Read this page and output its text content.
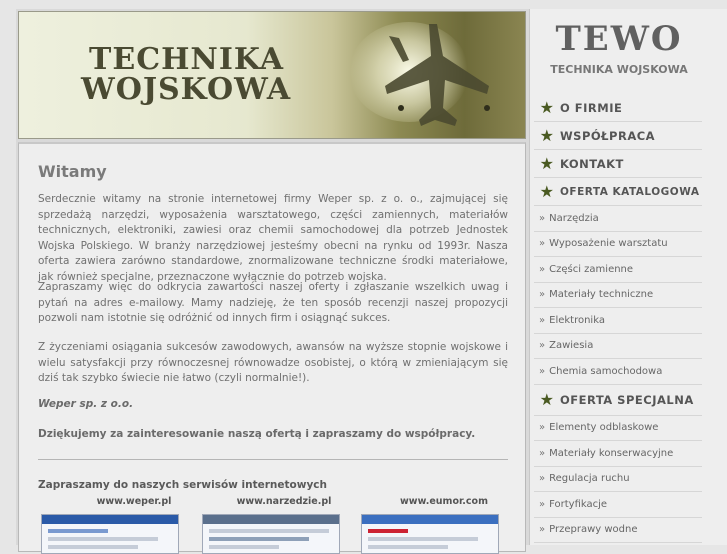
TECHNIKA
WOJSKOWA
Witamy

Serdecznie witamy na stronie internetowej firmy Weper sp. z o. o., zajmującej się sprzedażą narzędzi, wyposażenia warsztatowego, części zamiennych, materiałów technicznych, elektroniki, zawiesi oraz chemii samochodowej dla potrzeb Jednostek Wojska Polskiego. W branży narzędziowej jesteśmy obecni na rynku od 1993r. Nasza oferta zawiera zarówno standardowe, znormalizowane techniczne środki materiałowe, jak również specjalne, przeznaczone wyłącznie do potrzeb wojska.

Zapraszamy więc do odkrycia zawartości naszej oferty i zgłaszanie wszelkich uwag i pytań na adres e-mailowy. Mamy nadzieję, że ten sposób recenzji naszej propozycji pozwoli nam istotnie się odróżnić od innych firm i osiągnąć sukces.

Z życzeniami osiągania sukcesów zawodowych, awansów na wyższe stopnie wojskowe i wielu satysfakcji przy równoczesnej równowadze osobistej, o którą w zmieniającym się dziś tak szybko świecie nie łatwo (czyli normalnie!).

Weper sp. z o.o.
Dziękujemy za zainteresowanie naszą ofertą i zapraszamy do współpracy.
Zapraszamy do naszych serwisów internetowych
www.weper.pl	www.narzedzie.pl	www.eumor.com
TEWO
TECHNIKA WOJSKOWA
★ O FIRMIE
★ WSPÓŁPRACA
★ KONTAKT
★ OFERTA KATALOGOWA
» Narzędzia
» Wyposażenie warsztatu
» Części zamienne
» Materiały techniczne
» Elektronika
» Zawiesia
» Chemia samochodowa
★ OFERTA SPECJALNA
» Elementy odblaskowe
» Materiały konserwacyjne
» Regulacja ruchu
» Fortyfikacje
» Przeprawy wodne
